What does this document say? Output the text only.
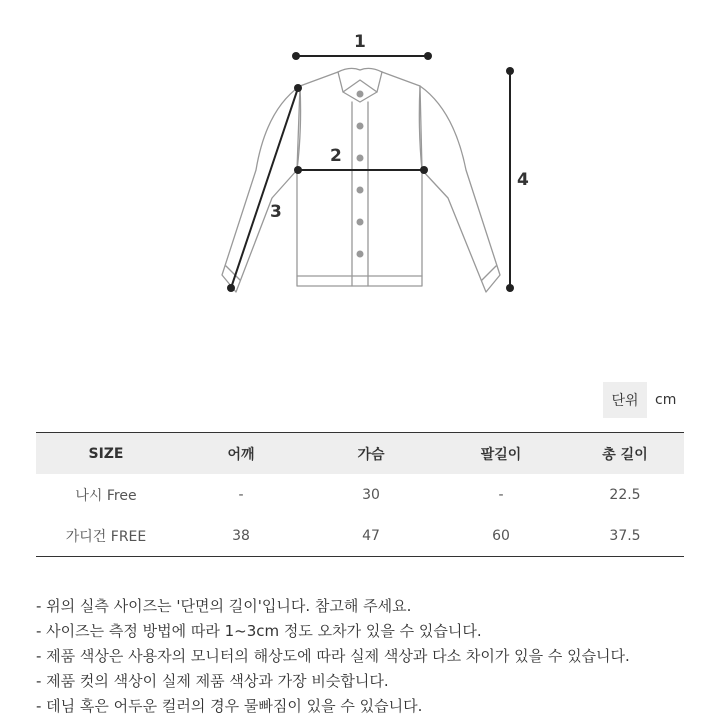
1
2
3
4
단위	cm
SIZE	어깨	가슴	팔길이	총 길이
나시 Free	-	30	-	22.5
가디건 FREE	38	47	60	37.5
- 위의 실측 사이즈는 '단면의 길이'입니다. 참고해 주세요.
- 사이즈는 측정 방법에 따라 1~3cm 정도 오차가 있을 수 있습니다.
- 제품 색상은 사용자의 모니터의 해상도에 따라 실제 색상과 다소 차이가 있을 수 있습니다.
- 제품 컷의 색상이 실제 제품 색상과 가장 비슷합니다.
- 데님 혹은 어두운 컬러의 경우 물빠짐이 있을 수 있습니다.
